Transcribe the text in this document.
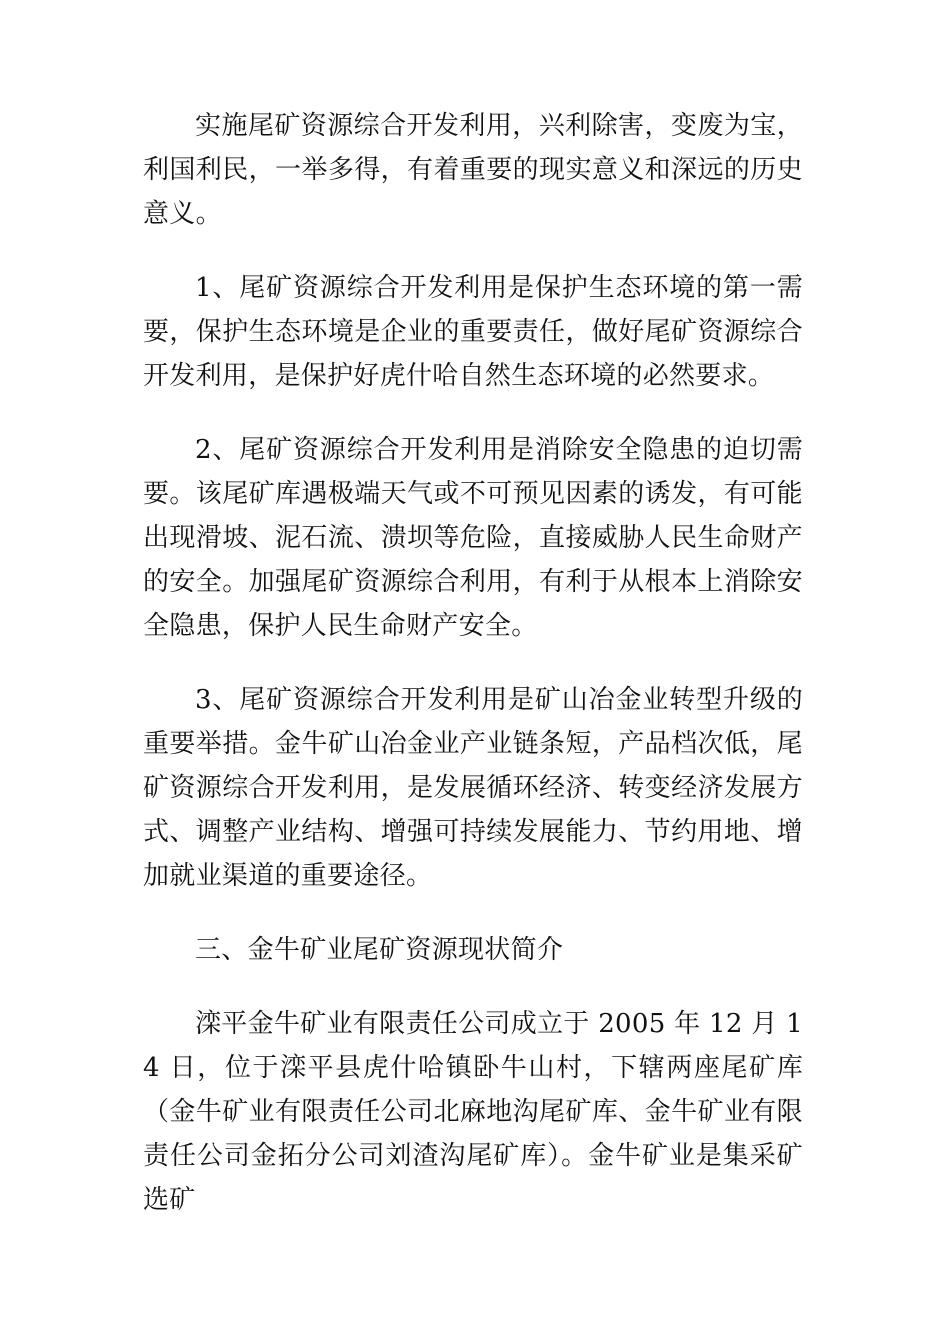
实施尾矿资源综合开发利用，兴利除害，变废为宝，利国利民，一举多得，有着重要的现实意义和深远的历史意义。

1、尾矿资源综合开发利用是保护生态环境的第一需要，保护生态环境是企业的重要责任，做好尾矿资源综合开发利用，是保护好虎什哈自然生态环境的必然要求。

2、尾矿资源综合开发利用是消除安全隐患的迫切需要。该尾矿库遇极端天气或不可预见因素的诱发，有可能出现滑坡、泥石流、溃坝等危险，直接威胁人民生命财产的安全。加强尾矿资源综合利用，有利于从根本上消除安全隐患，保护人民生命财产安全。

3、尾矿资源综合开发利用是矿山冶金业转型升级的重要举措。金牛矿山冶金业产业链条短，产品档次低，尾矿资源综合开发利用，是发展循环经济、转变经济发展方式、调整产业结构、增强可持续发展能力、节约用地、增加就业渠道的重要途径。

三、金牛矿业尾矿资源现状简介

滦平金牛矿业有限责任公司成立于 2005 年 12 月 14 日，位于滦平县虎什哈镇卧牛山村，下辖两座尾矿库（金牛矿业有限责任公司北麻地沟尾矿库、金牛矿业有限责任公司金拓分公司刘渣沟尾矿库）。金牛矿业是集采矿选矿
